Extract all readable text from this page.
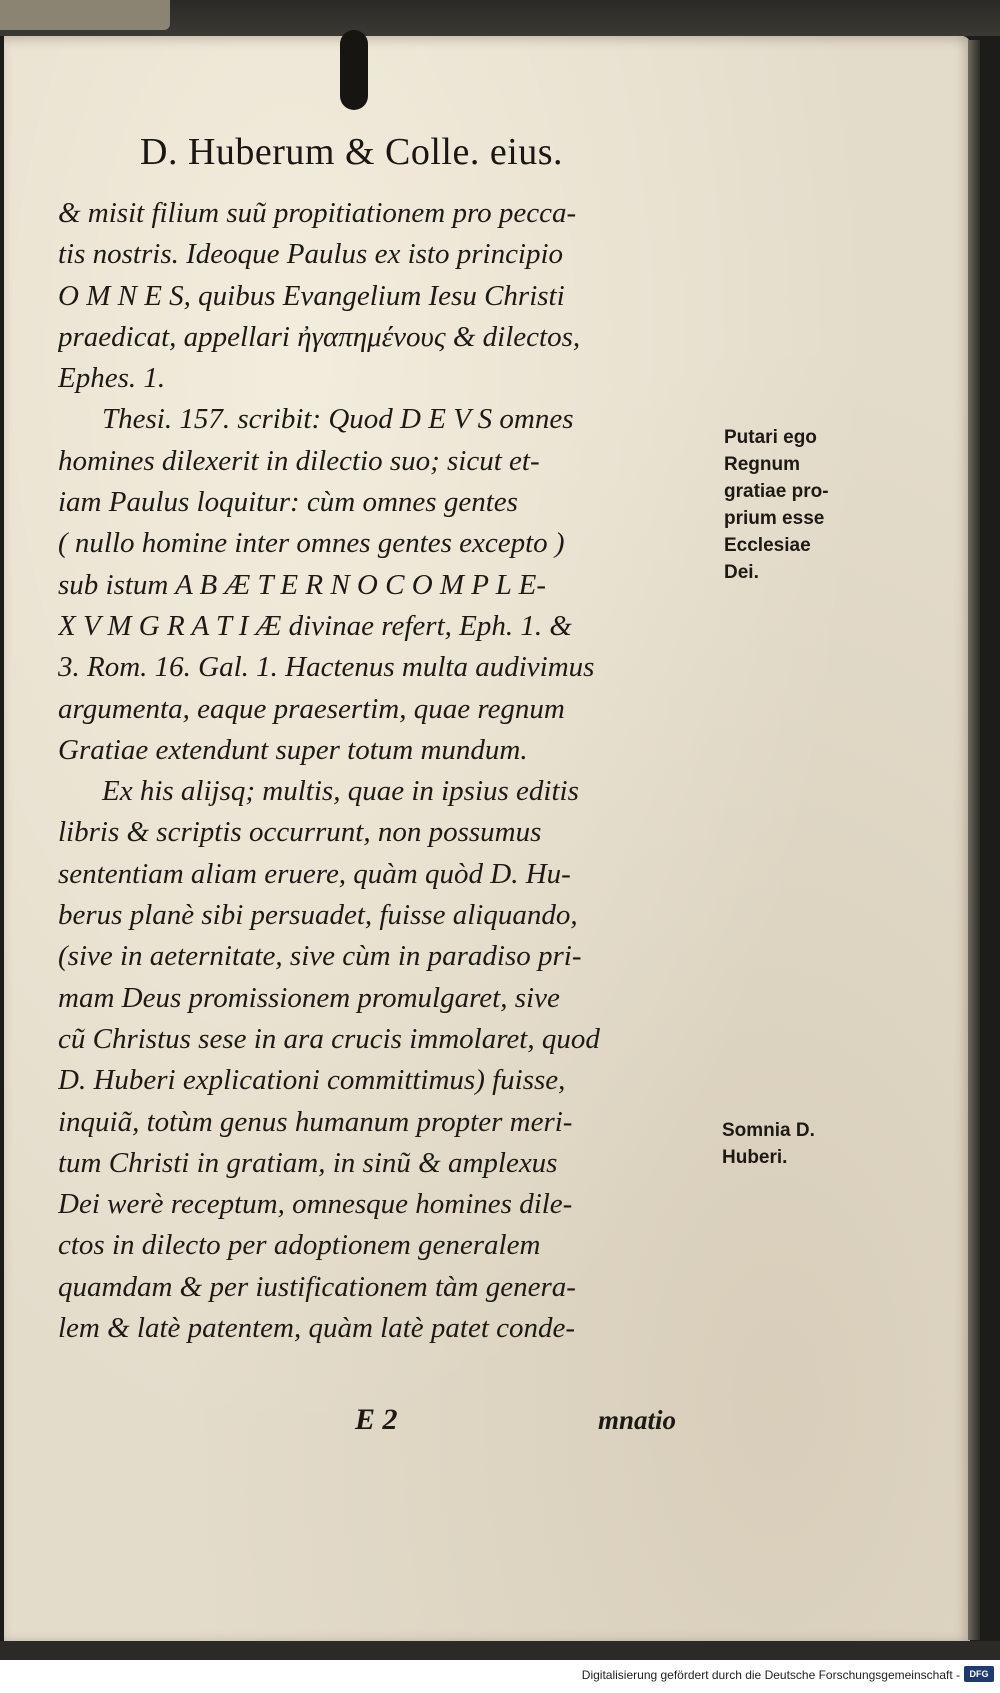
D. Huberum & Colle. eius.
& misit filium suũ propitiationem pro pecca-
tis nostris. Ideoque Paulus ex isto principio
O M N E S, quibus Evangelium Iesu Christi
praedicat, appellari ἠγαπημένους & dilectos,
Ephes. 1.
Thesi. 157. scribit: Quod D E V S omnes
homines dilexerit in dilectio suo; sicut et-
iam Paulus loquitur: cùm omnes gentes
( nullo homine inter omnes gentes excepto )
sub istum A B Æ T E R N O C O M P L E-
X V M G R A T I Æ divinae refert, Eph. 1. &
3. Rom. 16. Gal. 1. Hactenus multa audivimus
argumenta, eaque praesertim, quae regnum
Gratiae extendunt super totum mundum.
Ex his alijsq; multis, quae in ipsius editis
libris & scriptis occurrunt, non possumus
sententiam aliam eruere, quàm quòd D. Hu-
berus planè sibi persuadet, fuisse aliquando,
(sive in aeternitate, sive cùm in paradiso pri-
mam Deus promissionem promulgaret, sive
cũ Christus sese in ara crucis immolaret, quod
D. Huberi explicationi committimus) fuisse,
inquiã, totùm genus humanum propter meri-
tum Christi in gratiam, in sinũ & amplexus
Dei werè receptum, omnesque homines dile-
ctos in dilecto per adoptionem generalem
quamdam & per iustificationem tàm genera-
lem & latè patentem, quàm latè patet conde-
Putari ego
Regnum
gratiae pro-
prium esse
Ecclesiae
Dei.
Somnia D.
Huberi.
E 2	mnatio
Digitalisierung gefördert durch die Deutsche Forschungsgemeinschaft -	DFG
